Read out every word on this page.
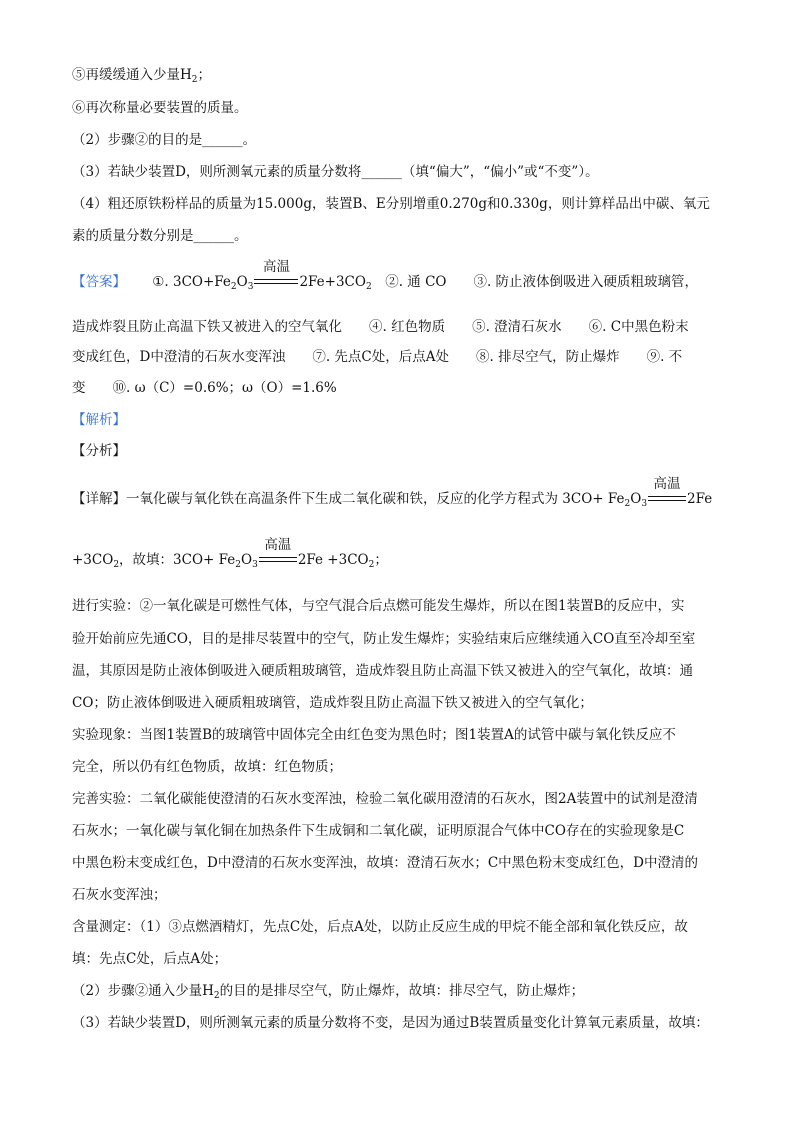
⑤再缓缓通入少量$H_2$；
⑥再次称量必要装置的质量。
（2）步骤②的目的是______。
（3）若缺少装置D，则所测氧元素的质量分数将______（填“偏大”，“偏小”或“不变”）。
（4）粗还原铁粉样品的质量为15.000g，装置B、E分别增重0.270g和0.330g，则计算样品出中碳、氧元
素的质量分数分别是______。
【答案】 ①. $3CO+Fe_2O_3$
高温
$2Fe+3CO_2$　②. 通 CO　　③. 防止液体倒吸进入硬质粗玻璃管，
造成炸裂且防止高温下铁又被进入的空气氧化　　④. 红色物质　　⑤. 澄清石灰水　　⑥. C中黑色粉末
变成红色，D中澄清的石灰水变浑浊　　⑦. 先点C处，后点A处　　⑧. 排尽空气，防止爆炸　　⑨. 不
变　　⑩. ω（C）=0.6%；ω（O）=1.6%
【解析】
【分析】
【详解】一氧化碳与氧化铁在高温条件下生成二氧化碳和铁，反应的化学方程式为 $3CO+ Fe_2O_3$
高温
2Fe
$+3CO_2$，故填：$3CO+ Fe_2O_3$
高温
$2Fe +3CO_2$；
进行实验：②一氧化碳是可燃性气体，与空气混合后点燃可能发生爆炸，所以在图1装置B的反应中，实
验开始前应先通CO，目的是排尽装置中的空气，防止发生爆炸；实验结束后应继续通入CO直至冷却至室
温，其原因是防止液体倒吸进入硬质粗玻璃管，造成炸裂且防止高温下铁又被进入的空气氧化，故填：通
CO；防止液体倒吸进入硬质粗玻璃管，造成炸裂且防止高温下铁又被进入的空气氧化；
实验现象：当图1装置B的玻璃管中固体完全由红色变为黑色时；图1装置A的试管中碳与氧化铁反应不
完全，所以仍有红色物质，故填：红色物质；
完善实验：二氧化碳能使澄清的石灰水变浑浊，检验二氧化碳用澄清的石灰水，图2A装置中的试剂是澄清
石灰水；一氧化碳与氧化铜在加热条件下生成铜和二氧化碳，证明原混合气体中CO存在的实验现象是C
中黑色粉末变成红色，D中澄清的石灰水变浑浊，故填：澄清石灰水；C中黑色粉末变成红色，D中澄清的
石灰水变浑浊；
含量测定：（1）③点燃酒精灯，先点C处，后点A处，以防止反应生成的甲烷不能全部和氧化铁反应，故
填：先点C处，后点A处；
（2）步骤②通入少量$H_2$的目的是排尽空气，防止爆炸，故填：排尽空气，防止爆炸；
（3）若缺少装置D，则所测氧元素的质量分数将不变，是因为通过B装置质量变化计算氧元素质量，故填：
